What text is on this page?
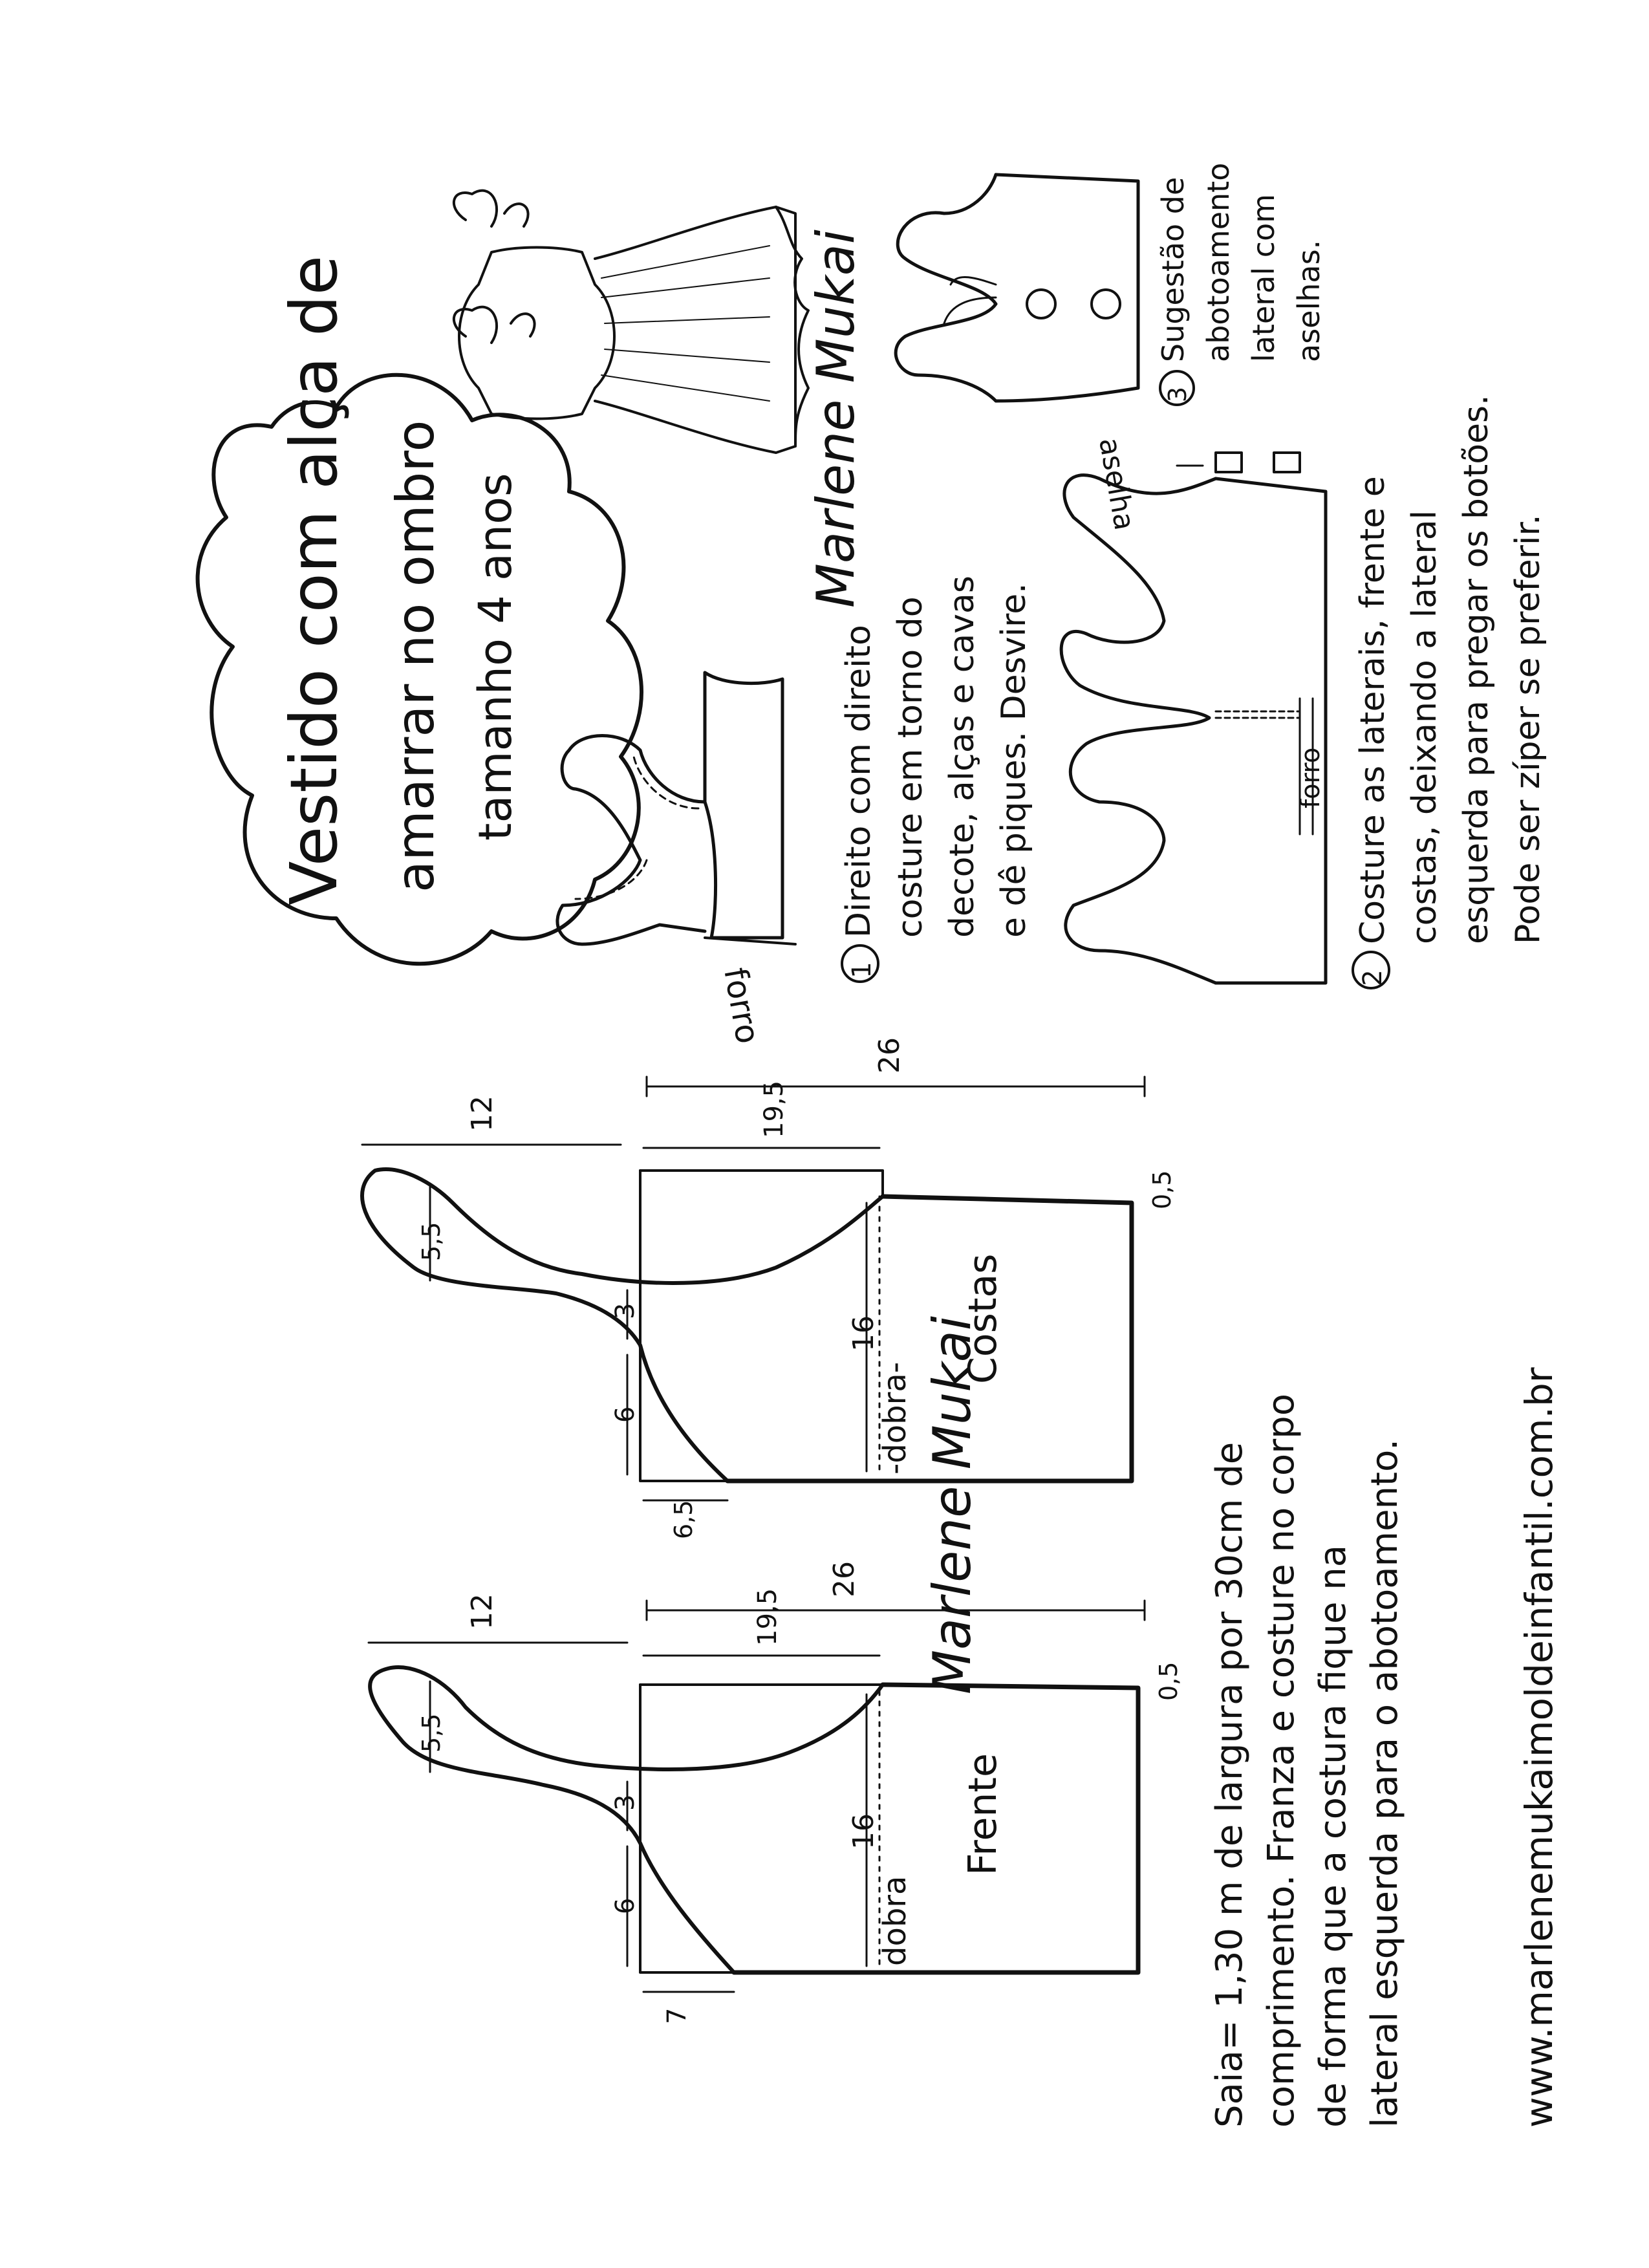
Vestido com alça de amarrar no ombro tamanho 4 anos
Marlene Mukai
Marlene Mukai
forro	1
Direito com direito costure em torno do decote, alças e cavas e dê piques. Desvire.	forro
aselha
2
Costure as laterais, frente e costas, deixando a lateral esquerda para pregar os botões. Pode ser zíper se preferir.
3
Sugestão de abotoamento lateral com aselhas.
Costas
-dobra-
26
19,5
16
0,5
12
5,5
3
6
6,5
Frente
dobra
26
19,5
16
0,5
12
5,5
3
6
7	Saia= 1,30 m de largura por 30cm de comprimento. Franza e costure no corpo de forma que a costura fique na lateral esquerda para o abotoamento.	www.marlenemukaimoldeinfantil.com.br
